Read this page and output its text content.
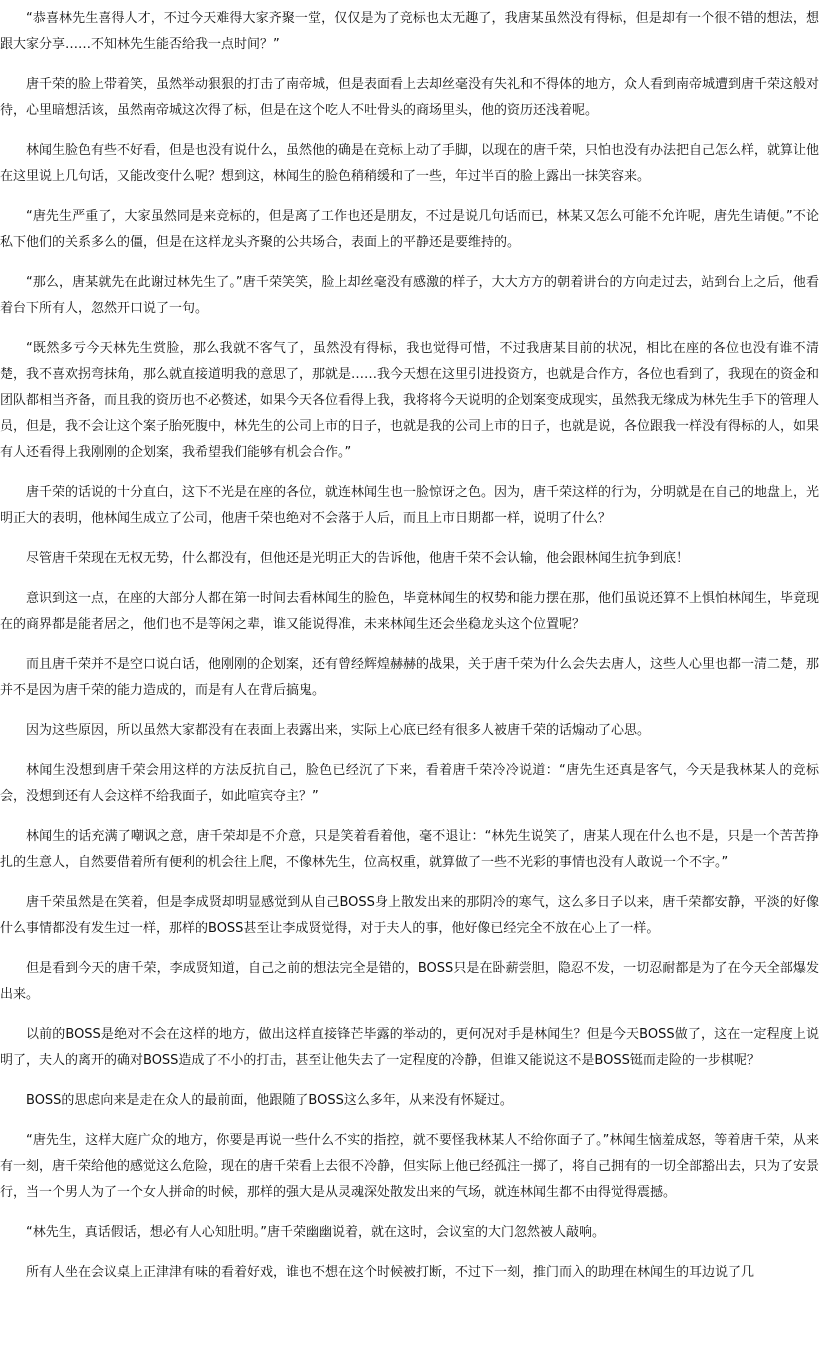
“恭喜林先生喜得人才，不过今天难得大家齐聚一堂，仅仅是为了竞标也太无趣了，我唐某虽然没有得标，但是却有一个很不错的想法，想跟大家分享……不知林先生能否给我一点时间？”

唐千荣的脸上带着笑，虽然举动狠狠的打击了南帝城，但是表面看上去却丝毫没有失礼和不得体的地方，众人看到南帝城遭到唐千荣这般对待，心里暗想活该，虽然南帝城这次得了标，但是在这个吃人不吐骨头的商场里头，他的资历还浅着呢。

林闻生脸色有些不好看，但是也没有说什么，虽然他的确是在竞标上动了手脚，以现在的唐千荣，只怕也没有办法把自己怎么样，就算让他在这里说上几句话，又能改变什么呢？想到这，林闻生的脸色稍稍缓和了一些，年过半百的脸上露出一抹笑容来。

“唐先生严重了，大家虽然同是来竞标的，但是离了工作也还是朋友，不过是说几句话而已，林某又怎么可能不允许呢，唐先生请便。”不论私下他们的关系多么的僵，但是在这样龙头齐聚的公共场合，表面上的平静还是要维持的。

“那么，唐某就先在此谢过林先生了。”唐千荣笑笑，脸上却丝毫没有感激的样子，大大方方的朝着讲台的方向走过去，站到台上之后，他看着台下所有人，忽然开口说了一句。

“既然多亏今天林先生赏脸，那么我就不客气了，虽然没有得标，我也觉得可惜，不过我唐某目前的状况，相比在座的各位也没有谁不清楚，我不喜欢拐弯抹角，那么就直接道明我的意思了，那就是……我今天想在这里引进投资方，也就是合作方，各位也看到了，我现在的资金和团队都相当齐备，而且我的资历也不必赘述，如果今天各位看得上我，我将将今天说明的企划案变成现实，虽然我无缘成为林先生手下的管理人员，但是，我不会让这个案子胎死腹中，林先生的公司上市的日子，也就是我的公司上市的日子，也就是说，各位跟我一样没有得标的人，如果有人还看得上我刚刚的企划案，我希望我们能够有机会合作。”

唐千荣的话说的十分直白，这下不光是在座的各位，就连林闻生也一脸惊讶之色。因为，唐千荣这样的行为，分明就是在自己的地盘上，光明正大的表明，他林闻生成立了公司，他唐千荣也绝对不会落于人后，而且上市日期都一样，说明了什么？

尽管唐千荣现在无权无势，什么都没有，但他还是光明正大的告诉他，他唐千荣不会认输，他会跟林闻生抗争到底！

意识到这一点，在座的大部分人都在第一时间去看林闻生的脸色，毕竟林闻生的权势和能力摆在那，他们虽说还算不上惧怕林闻生，毕竟现在的商界都是能者居之，他们也不是等闲之辈，谁又能说得准，未来林闻生还会坐稳龙头这个位置呢？

而且唐千荣并不是空口说白话，他刚刚的企划案，还有曾经辉煌赫赫的战果，关于唐千荣为什么会失去唐人，这些人心里也都一清二楚，那并不是因为唐千荣的能力造成的，而是有人在背后搞鬼。

因为这些原因，所以虽然大家都没有在表面上表露出来，实际上心底已经有很多人被唐千荣的话煽动了心思。

林闻生没想到唐千荣会用这样的方法反抗自己，脸色已经沉了下来，看着唐千荣冷冷说道：“唐先生还真是客气，今天是我林某人的竞标会，没想到还有人会这样不给我面子，如此喧宾夺主？”

林闻生的话充满了嘲讽之意，唐千荣却是不介意，只是笑着看着他，毫不退让：“林先生说笑了，唐某人现在什么也不是，只是一个苦苦挣扎的生意人，自然要借着所有便利的机会往上爬，不像林先生，位高权重，就算做了一些不光彩的事情也没有人敢说一个不字。”

唐千荣虽然是在笑着，但是李成贤却明显感觉到从自己BOSS身上散发出来的那阴冷的寒气，这么多日子以来，唐千荣都安静，平淡的好像什么事情都没有发生过一样，那样的BOSS甚至让李成贤觉得，对于夫人的事，他好像已经完全不放在心上了一样。

但是看到今天的唐千荣，李成贤知道，自己之前的想法完全是错的，BOSS只是在卧薪尝胆，隐忍不发，一切忍耐都是为了在今天全部爆发出来。

以前的BOSS是绝对不会在这样的地方，做出这样直接锋芒毕露的举动的，更何况对手是林闻生？但是今天BOSS做了，这在一定程度上说明了，夫人的离开的确对BOSS造成了不小的打击，甚至让他失去了一定程度的冷静，但谁又能说这不是BOSS铤而走险的一步棋呢？

BOSS的思虑向来是走在众人的最前面，他跟随了BOSS这么多年，从来没有怀疑过。

“唐先生，这样大庭广众的地方，你要是再说一些什么不实的指控，就不要怪我林某人不给你面子了。”林闻生恼羞成怒，等着唐千荣，从来有一刻，唐千荣给他的感觉这么危险，现在的唐千荣看上去很不冷静，但实际上他已经孤注一掷了，将自己拥有的一切全部豁出去，只为了安景行，当一个男人为了一个女人拼命的时候，那样的强大是从灵魂深处散发出来的气场，就连林闻生都不由得觉得震撼。

“林先生，真话假话，想必有人心知肚明。”唐千荣幽幽说着，就在这时，会议室的大门忽然被人敲响。

所有人坐在会议桌上正津津有味的看着好戏，谁也不想在这个时候被打断，不过下一刻，推门而入的助理在林闻生的耳边说了几
